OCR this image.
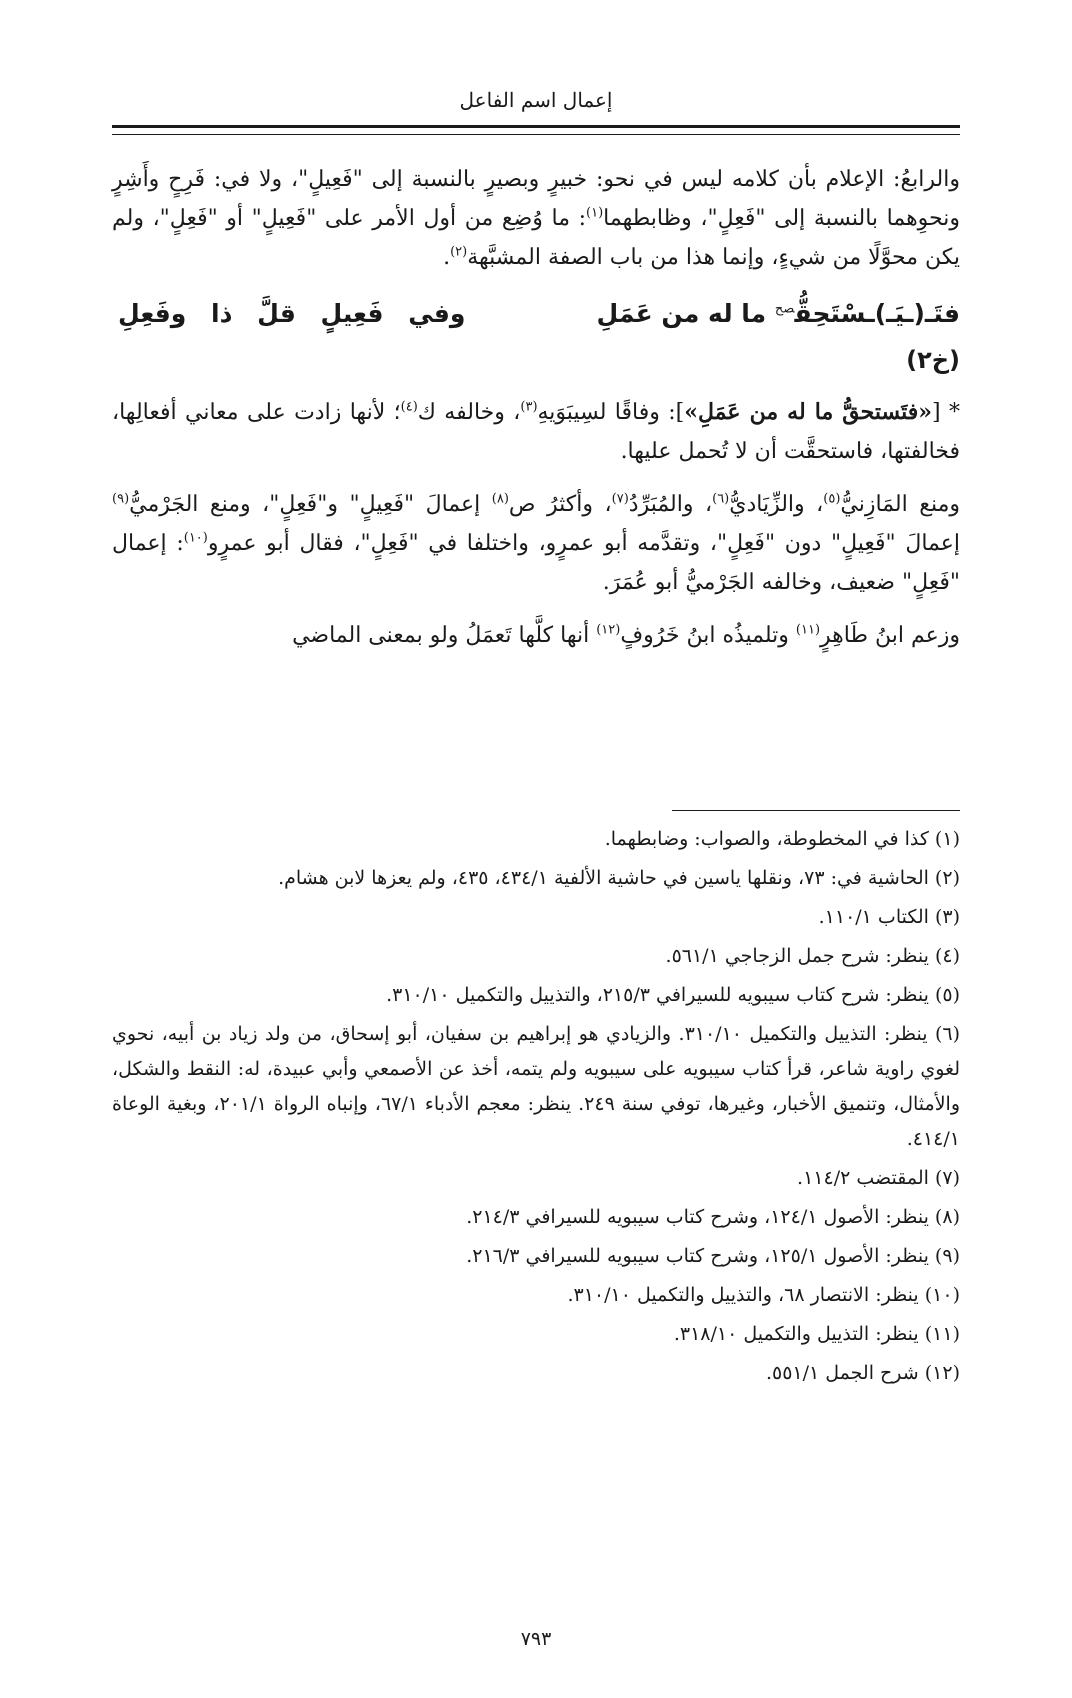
إعمال اسم الفاعل

والرابعُ: الإعلام بأن كلامه ليس في نحو: خبيرٍ وبصيرٍ بالنسبة إلى "فَعِيلٍ"، ولا في: فَرِحٍ وأَشِرٍ ونحوِهما بالنسبة إلى "فَعِلٍ"، وظابطهما$^{(١)}$: ما وُضِع من أول الأمر على "فَعِيلٍ" أو "فَعِلٍ"، ولم يكن محوَّلًا من شيءٍ، وإنما هذا من باب الصفة المشبَّهة$^{(٢)}$.

فتَـ(ـيَـ)ـسْتَحِقُّ$^{صح}$ ما له من عَمَلِ
وفي فَعِيلٍ قلَّ ذا وفَعِلِ
(خ٢)

* [«فتَستحقُّ ما له من عَمَلِ»]: وفاقًا لسِيبَوَيهِ$^{(٣)}$، وخالفه ك$^{(٤)}$؛ لأنها زادت على معاني أفعالِها، فخالفتها، فاستحقَّت أن لا تُحمل عليها.

ومنع المَازِنيُّ$^{(٥)}$، والزِّيَاديُّ$^{(٦)}$، والمُبَرِّدُ$^{(٧)}$، وأكثرُ ص$^{(٨)}$ إعمالَ "فَعِيلٍ" و"فَعِلٍ"، ومنع الجَرْميُّ$^{(٩)}$ إعمالَ "فَعِيلٍ" دون "فَعِلٍ"، وتقدَّمه أبو عمرٍو، واختلفا في "فَعِلٍ"، فقال أبو عمرٍو$^{(١٠)}$: إعمال "فَعِلٍ" ضعيف، وخالفه الجَرْميُّ أبو عُمَرَ.

وزعم ابنُ طَاهِرٍ$^{(١١)}$ وتلميذُه ابنُ خَرُوفٍ$^{(١٢)}$ أنها كلَّها تَعمَلُ ولو بمعنى الماضي

(١) كذا في المخطوطة، والصواب: وضابطهما.
(٢) الحاشية في: ٧٣، ونقلها ياسين في حاشية الألفية ٤٣٤/١، ٤٣٥، ولم يعزها لابن هشام.
(٣) الكتاب ١١٠/١.
(٤) ينظر: شرح جمل الزجاجي ٥٦١/١.
(٥) ينظر: شرح كتاب سيبويه للسيرافي ٢١٥/٣، والتذييل والتكميل ٣١٠/١٠.
(٦) ينظر: التذييل والتكميل ٣١٠/١٠. والزيادي هو إبراهيم بن سفيان، أبو إسحاق، من ولد زياد بن أبيه، نحوي لغوي راوية شاعر، قرأ كتاب سيبويه على سيبويه ولم يتمه، أخذ عن الأصمعي وأبي عبيدة، له: النقط والشكل، والأمثال، وتنميق الأخبار، وغيرها، توفي سنة ٢٤٩. ينظر: معجم الأدباء ٦٧/١، وإنباه الرواة ٢٠١/١، وبغية الوعاة ٤١٤/١.
(٧) المقتضب ١١٤/٢.
(٨) ينظر: الأصول ١٢٤/١، وشرح كتاب سيبويه للسيرافي ٢١٤/٣.
(٩) ينظر: الأصول ١٢٥/١، وشرح كتاب سيبويه للسيرافي ٢١٦/٣.
(١٠) ينظر: الانتصار ٦٨، والتذييل والتكميل ٣١٠/١٠.
(١١) ينظر: التذييل والتكميل ٣١٨/١٠.
(١٢) شرح الجمل ٥٥١/١.
٧٩٣
